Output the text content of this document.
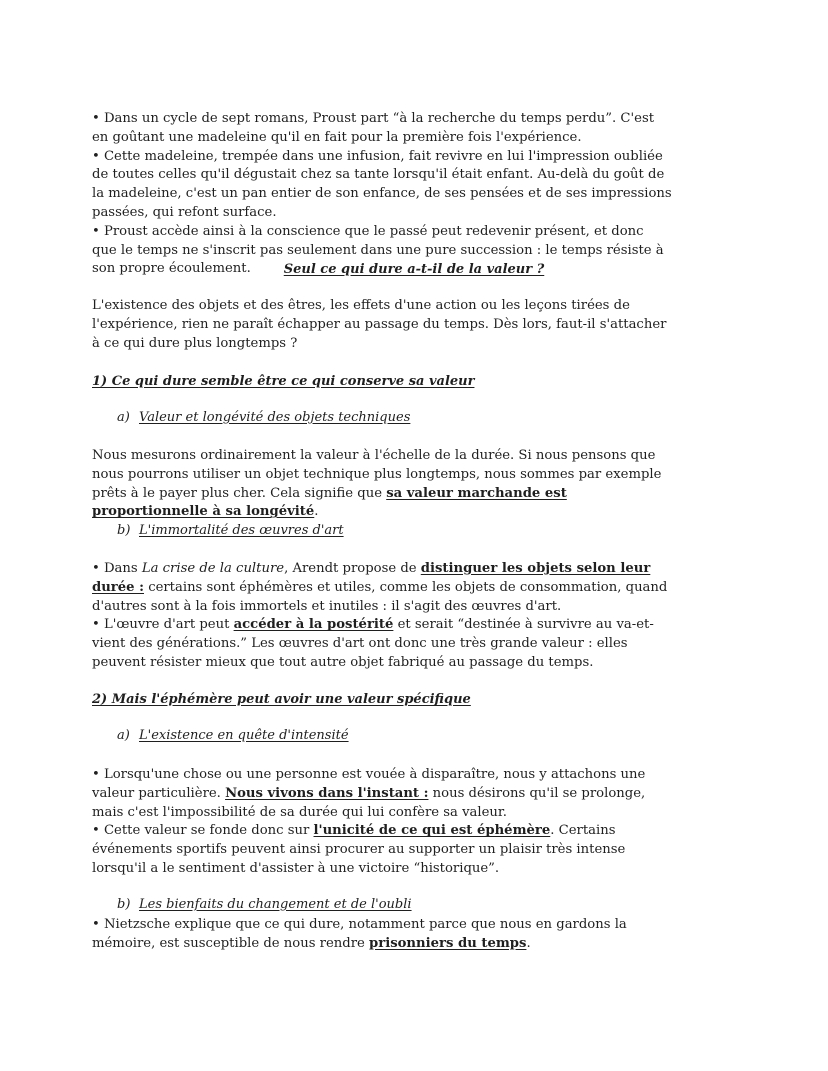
• Dans un cycle de sept romans, Proust part “à la recherche du temps perdu”. C'est en goûtant une madeleine qu'il en fait pour la première fois l'expérience.

• Cette madeleine, trempée dans une infusion, fait revivre en lui l'impression oubliée de toutes celles qu'il dégustait chez sa tante lorsqu'il était enfant. Au-delà du goût de la madeleine, c'est un pan entier de son enfance, de ses pensées et de ses impressions passées, qui refont surface.

• Proust accède ainsi à la conscience que le passé peut redevenir présent, et donc que le temps ne s'inscrit pas seulement dans une pure succession : le temps résiste à son propre écoulement.	Seul ce qui dure a-t-il de la valeur ?

L'existence des objets et des êtres, les effets d'une action ou les leçons tirées de l'expérience, rien ne paraît échapper au passage du temps. Dès lors, faut-il s'attacher à ce qui dure plus longtemps ?

1) Ce qui dure semble être ce qui conserve sa valeur
a) Valeur et longévité des objets techniques

Nous mesurons ordinairement la valeur à l'échelle de la durée. Si nous pensons que nous pourrons utiliser un objet technique plus longtemps, nous sommes par exemple prêts à le payer plus cher. Cela signifie que sa valeur marchande est proportionnelle à sa longévité.

b) L'immortalité des œuvres d'art

• Dans La crise de la culture, Arendt propose de distinguer les objets selon leur durée : certains sont éphémères et utiles, comme les objets de consommation, quand d'autres sont à la fois immortels et inutiles : il s'agit des œuvres d'art.

• L'œuvre d'art peut accéder à la postérité et serait “destinée à survivre au va-et-vient des générations.” Les œuvres d'art ont donc une très grande valeur : elles peuvent résister mieux que tout autre objet fabriqué au passage du temps.

2) Mais l'éphémère peut avoir une valeur spécifique
a) L'existence en quête d'intensité

• Lorsqu'une chose ou une personne est vouée à disparaître, nous y attachons une valeur particulière. Nous vivons dans l'instant : nous désirons qu'il se prolonge, mais c'est l'impossibilité de sa durée qui lui confère sa valeur.

• Cette valeur se fonde donc sur l'unicité de ce qui est éphémère. Certains événements sportifs peuvent ainsi procurer au supporter un plaisir très intense lorsqu'il a le sentiment d'assister à une victoire “historique”.

b) Les bienfaits du changement et de l'oubli

• Nietzsche explique que ce qui dure, notamment parce que nous en gardons la mémoire, est susceptible de nous rendre prisonniers du temps.
